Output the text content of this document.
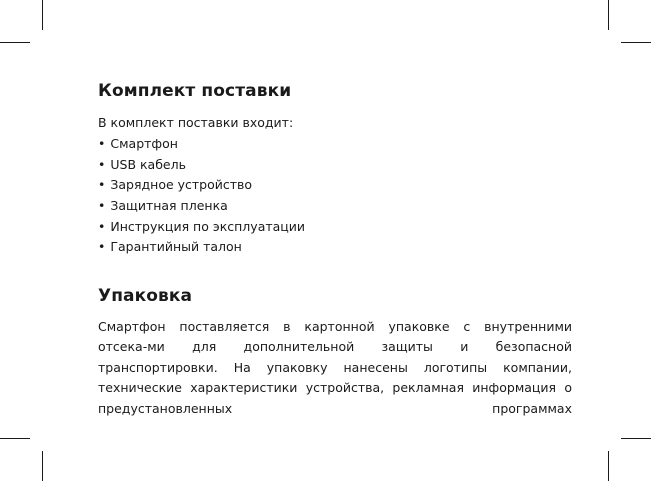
Комплект поставки

В комплект поставки входит:

• Смартфон
• USB кабель
• Зарядное устройство
• Защитная пленка
• Инструкция по эксплуатации
• Гарантийный талон
Упаковка

Смартфон поставляется в картонной упаковке с внутренними отсека-ми для дополнительной защиты и безопасной транспортировки. На упаковку нанесены логотипы компании, технические характеристики устройства, рекламная информация о предустановленных программах
